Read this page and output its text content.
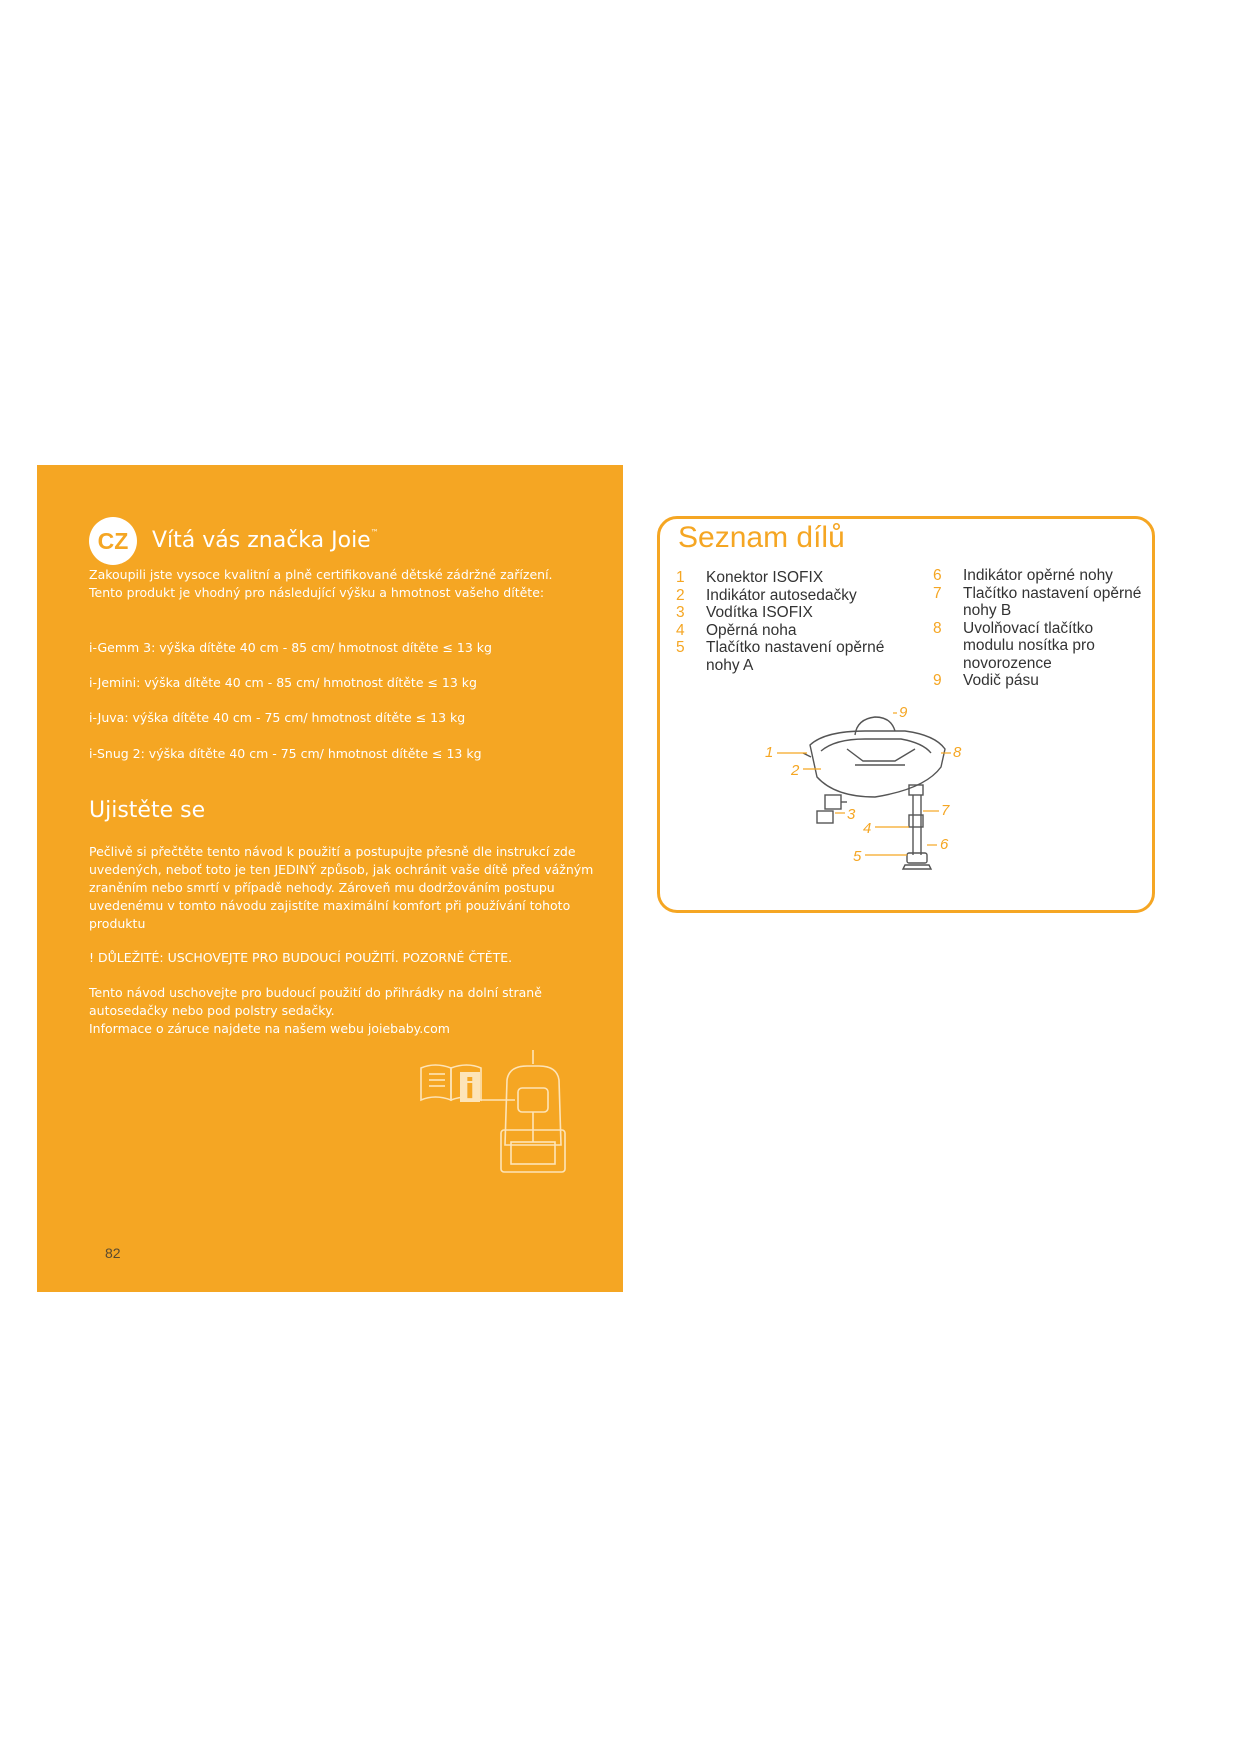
CZ	Vítá vás značka Joie™
Zakoupili jste vysoce kvalitní a plně certifikované dětské zádržné zařízení. Tento produkt je vhodný pro následující výšku a hmotnost vašeho dítěte:
i-Gemm 3: výška dítěte 40 cm - 85 cm/ hmotnost dítěte ≤ 13 kg
i-Jemini: výška dítěte 40 cm - 85 cm/ hmotnost dítěte ≤ 13 kg
i-Juva: výška dítěte 40 cm - 75 cm/ hmotnost dítěte ≤ 13 kg
i-Snug 2: výška dítěte 40 cm - 75 cm/ hmotnost dítěte ≤ 13 kg
Ujistěte se
Pečlivě si přečtěte tento návod k použití a postupujte přesně dle instrukcí zde uvedených, neboť toto je ten JEDINÝ způsob, jak ochránit vaše dítě před vážným zraněním nebo smrtí v případě nehody. Zároveň mu dodržováním postupu uvedenému v tomto návodu zajistíte maximální komfort při používání tohoto produktu
! DŮLEŽITÉ: USCHOVEJTE PRO BUDOUCÍ POUŽITÍ. POZORNĚ ČTĚTE.
Tento návod uschovejte pro budoucí použití do přihrádky na dolní straně autosedačky nebo pod polstry sedačky.
Informace o záruce najdete na našem webu joiebaby.com
i
82
Seznam dílů
1	Konektor ISOFIX
2	Indikátor autosedačky
3	Vodítka ISOFIX
4	Opěrná noha
5	Tlačítko nastavení opěrné nohy A
6	Indikátor opěrné nohy
7	Tlačítko nastavení opěrné nohy B
8	Uvolňovací tlačítko modulu nosítka pro novorozence
9	Vodič pásu
1
2
3
4
5
6
7
8
9
